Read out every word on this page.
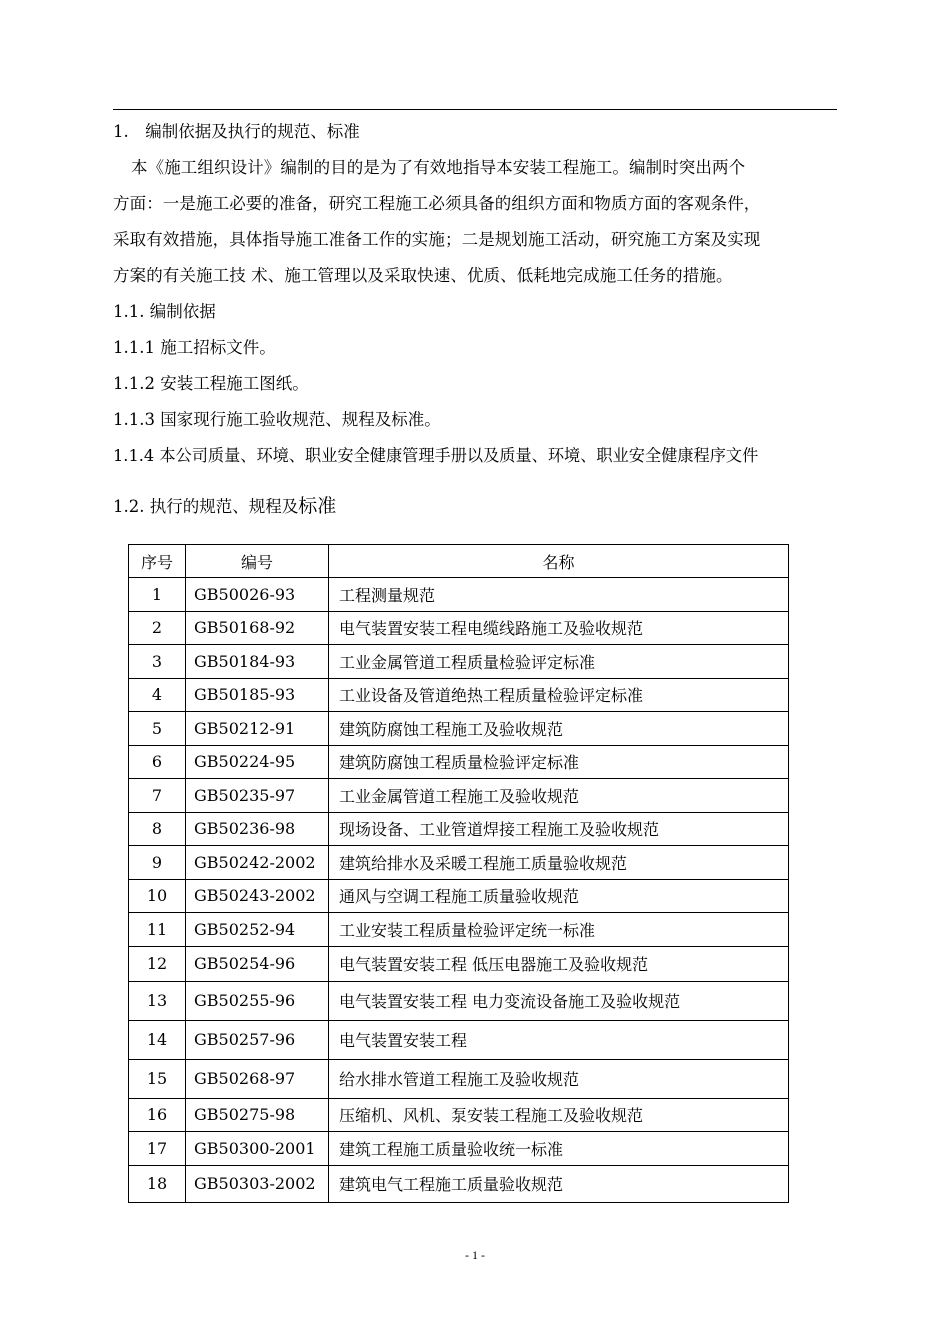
1.　编制依据及执行的规范、标准
本《施工组织设计》编制的目的是为了有效地指导本安装工程施工。编制时突出两个
方面：一是施工必要的准备，研究工程施工必须具备的组织方面和物质方面的客观条件，
采取有效措施，具体指导施工准备工作的实施；二是规划施工活动，研究施工方案及实现
方案的有关施工技 术、施工管理以及采取快速、优质、低耗地完成施工任务的措施。
1.1. 编制依据
1.1.1 施工招标文件。
1.1.2 安装工程施工图纸。
1.1.3 国家现行施工验收规范、规程及标准。
1.1.4 本公司质量、环境、职业安全健康管理手册以及质量、环境、职业安全健康程序文件
1.2. 执行的规范、规程及标准
序号	编号	名称
1	GB50026-93	工程测量规范
2	GB50168-92	电气装置安装工程电缆线路施工及验收规范
3	GB50184-93	工业金属管道工程质量检验评定标准
4	GB50185-93	工业设备及管道绝热工程质量检验评定标准
5	GB50212-91	建筑防腐蚀工程施工及验收规范
6	GB50224-95	建筑防腐蚀工程质量检验评定标准
7	GB50235-97	工业金属管道工程施工及验收规范
8	GB50236-98	现场设备、工业管道焊接工程施工及验收规范
9	GB50242-2002	建筑给排水及采暖工程施工质量验收规范
10	GB50243-2002	通风与空调工程施工质量验收规范
11	GB50252-94	工业安装工程质量检验评定统一标准
12	GB50254-96	电气装置安装工程 低压电器施工及验收规范
13	GB50255-96	电气装置安装工程 电力变流设备施工及验收规范
14	GB50257-96	电气装置安装工程
15	GB50268-97	给水排水管道工程施工及验收规范
16	GB50275-98	压缩机、风机、泵安装工程施工及验收规范
17	GB50300-2001	建筑工程施工质量验收统一标准
18	GB50303-2002	建筑电气工程施工质量验收规范
- 1 -
